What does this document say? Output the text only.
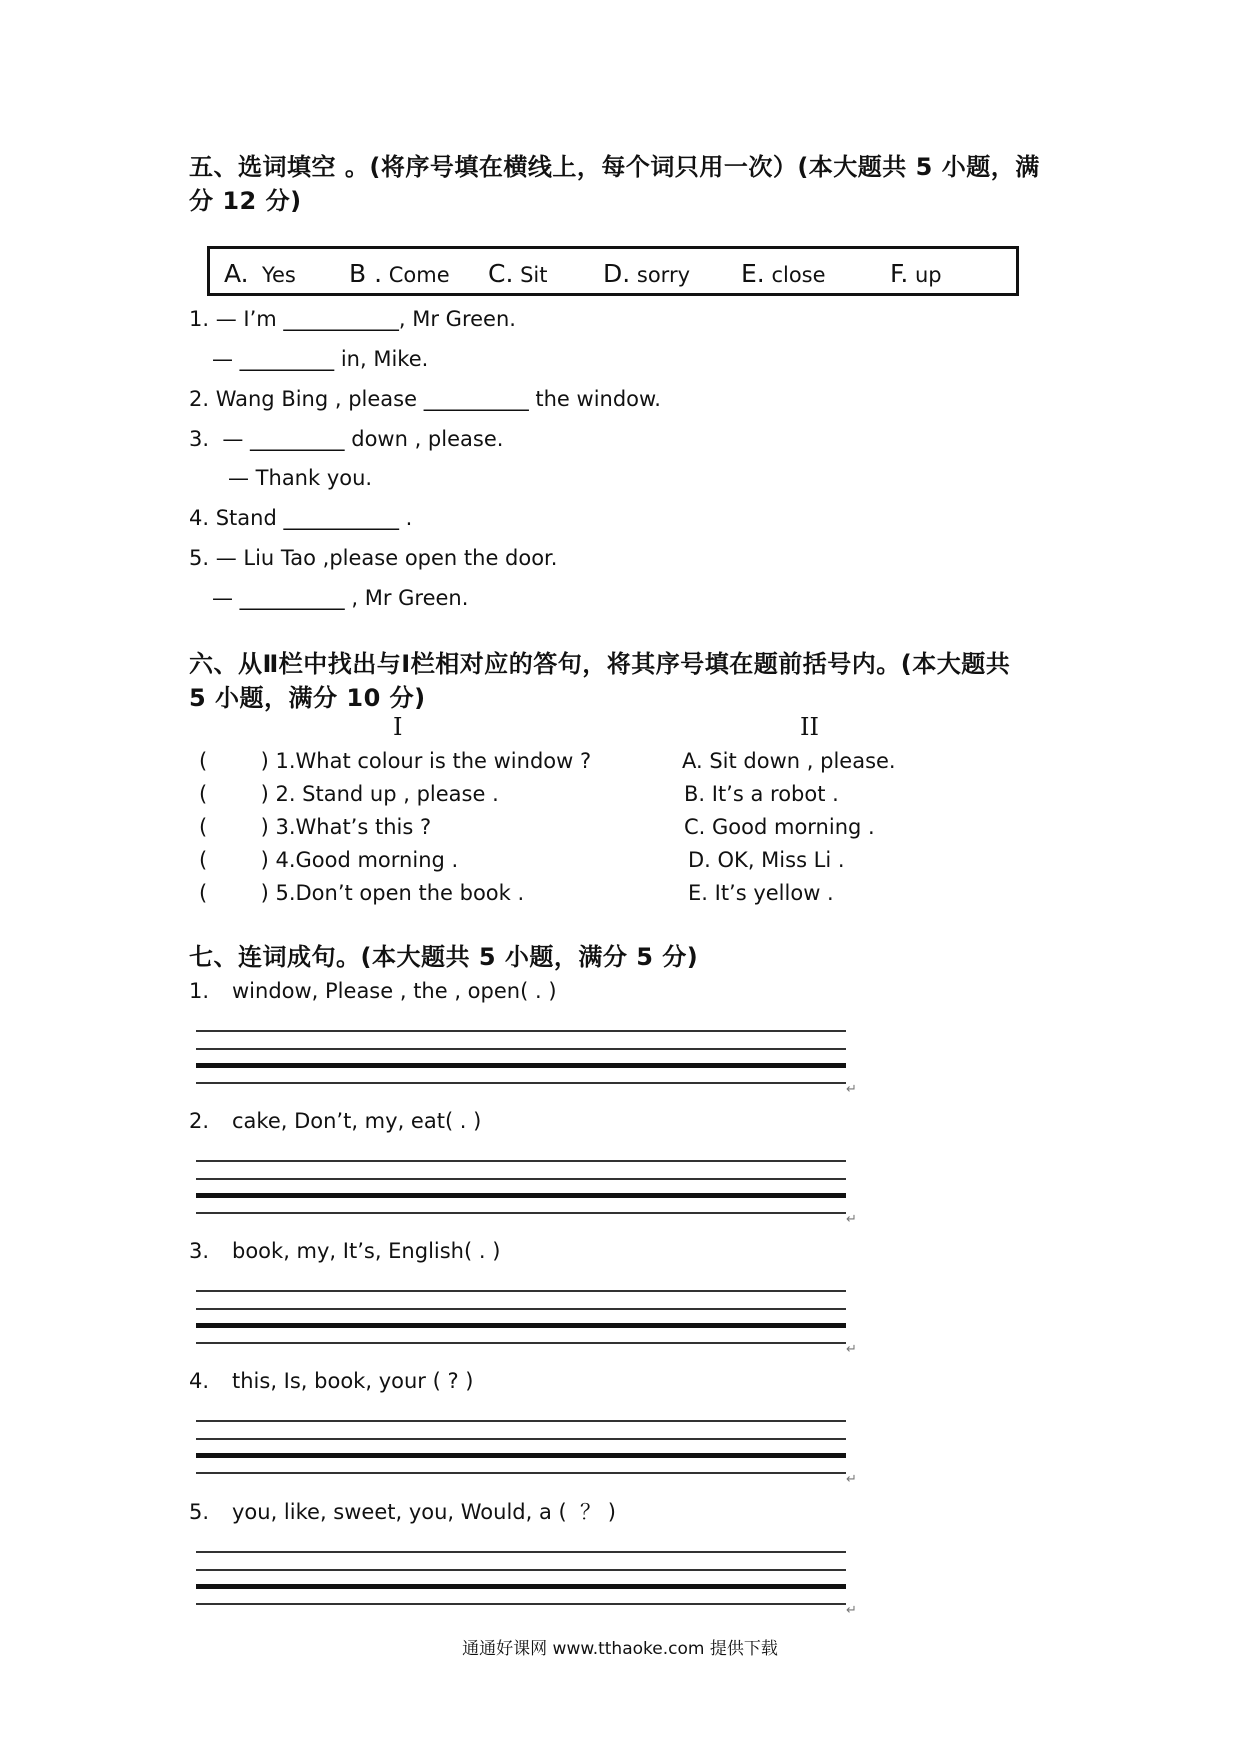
五、选词填空 。(将序号填在横线上，每个词只用一次）(本大题共 5 小题，满
分 12 分)
A. Yes B . Come C. Sit D. sorry E. close	F. up
1. — I’m ___________, Mr Green.
— _________ in, Mike.
2. Wang Bing , please __________ the window.
3.  — _________ down , please.
— Thank you.
4. Stand ___________ .
5. — Liu Tao ,please open the door.
— __________ , Mr Green.
六、从Ⅱ栏中找出与Ⅰ栏相对应的答句，将其序号填在题前括号内。(本大题共
5 小题，满分 10 分)
I	II
(        ) 1.What colour is the window ?
(        ) 2. Stand up , please .
(        ) 3.What’s this ?
(        ) 4.Good morning .
(        ) 5.Don’t open the book .
A. Sit down , please.
B. It’s a robot .
C. Good morning .
D. OK, Miss Li .
E. It’s yellow .
七、连词成句。(本大题共 5 小题，满分 5 分)
1. window, Please , the , open( . )
↵
2. cake, Don’t, my, eat( . )
↵
3. book, my, It’s, English( . )
↵
4. this, Is, book, your ( ? )
↵
5. you, like, sweet, you, Would, a (  ？ )
↵
通通好课网 www.tthaoke.com 提供下载
